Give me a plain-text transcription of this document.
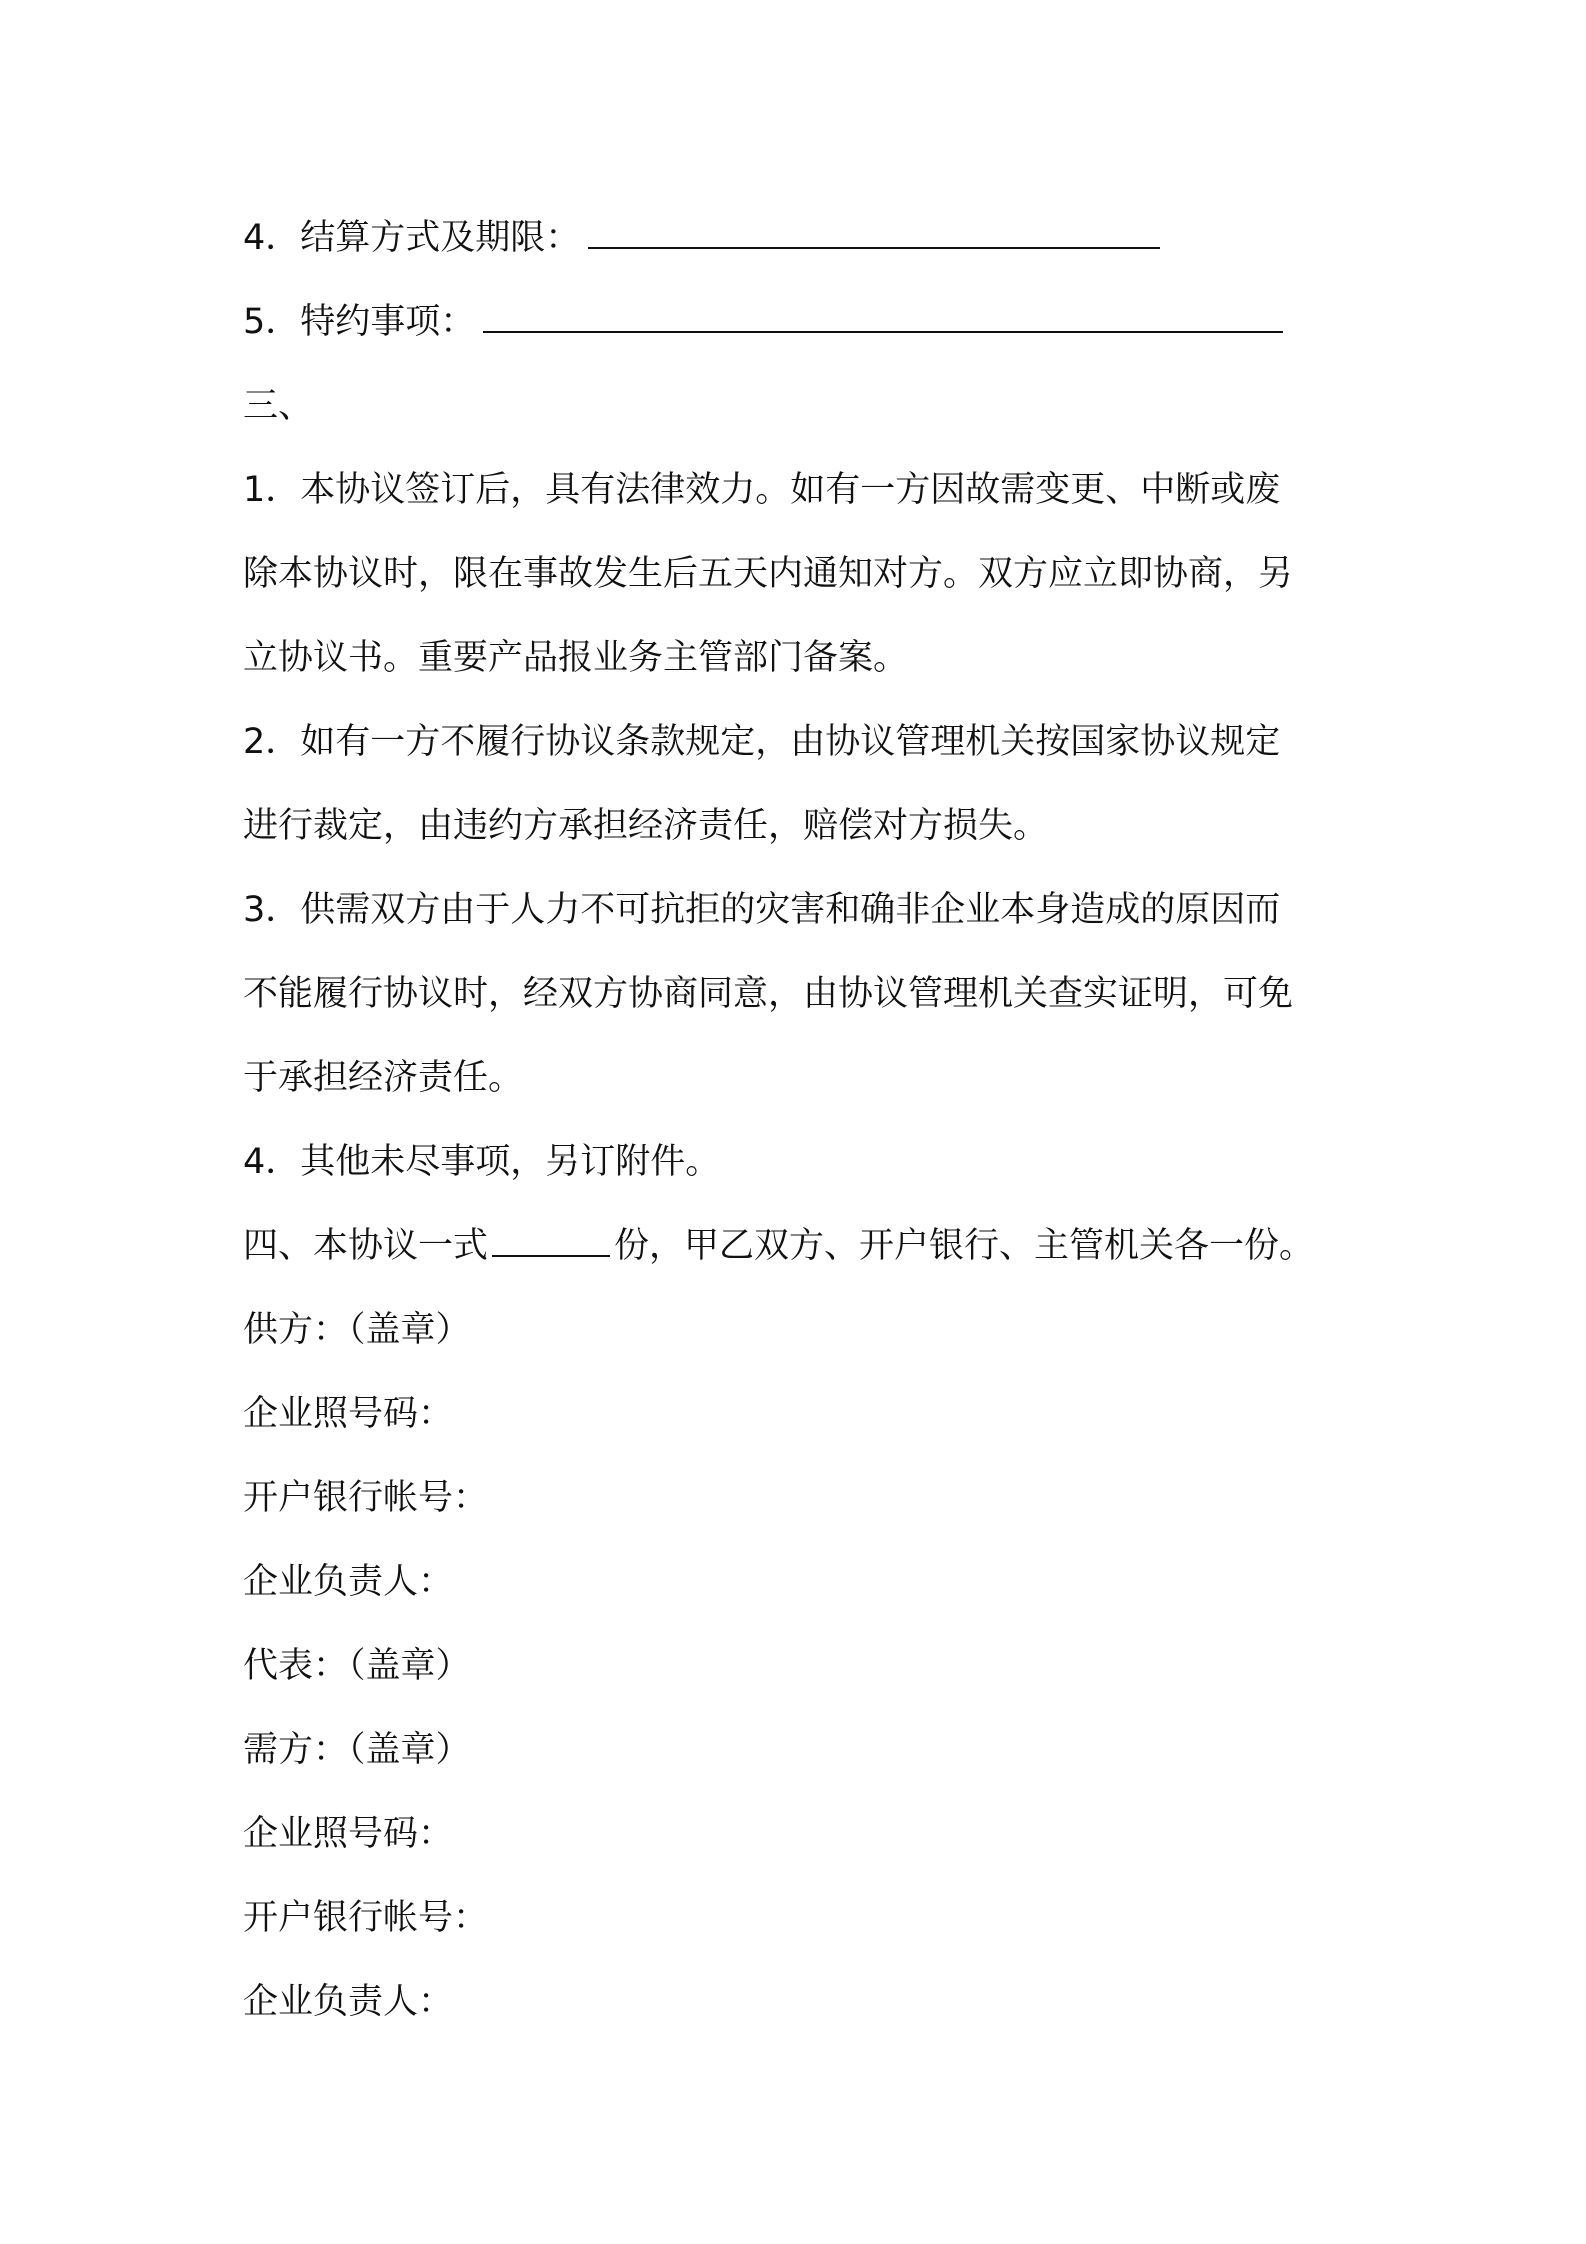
4．结算方式及期限：
5．特约事项：
三、
1．本协议签订后，具有法律效力。如有一方因故需变更、中断或废
除本协议时，限在事故发生后五天内通知对方。双方应立即协商，另
立协议书。重要产品报业务主管部门备案。
2．如有一方不履行协议条款规定，由协议管理机关按国家协议规定
进行裁定，由违约方承担经济责任，赔偿对方损失。
3．供需双方由于人力不可抗拒的灾害和确非企业本身造成的原因而
不能履行协议时，经双方协商同意，由协议管理机关查实证明，可免
于承担经济责任。
4．其他未尽事项，另订附件。
四、本协议一式	份，甲乙双方、开户银行、主管机关各一份。
供方：（盖章）
企业照号码：
开户银行帐号：
企业负责人：
代表：（盖章）
需方：（盖章）
企业照号码：
开户银行帐号：
企业负责人：
